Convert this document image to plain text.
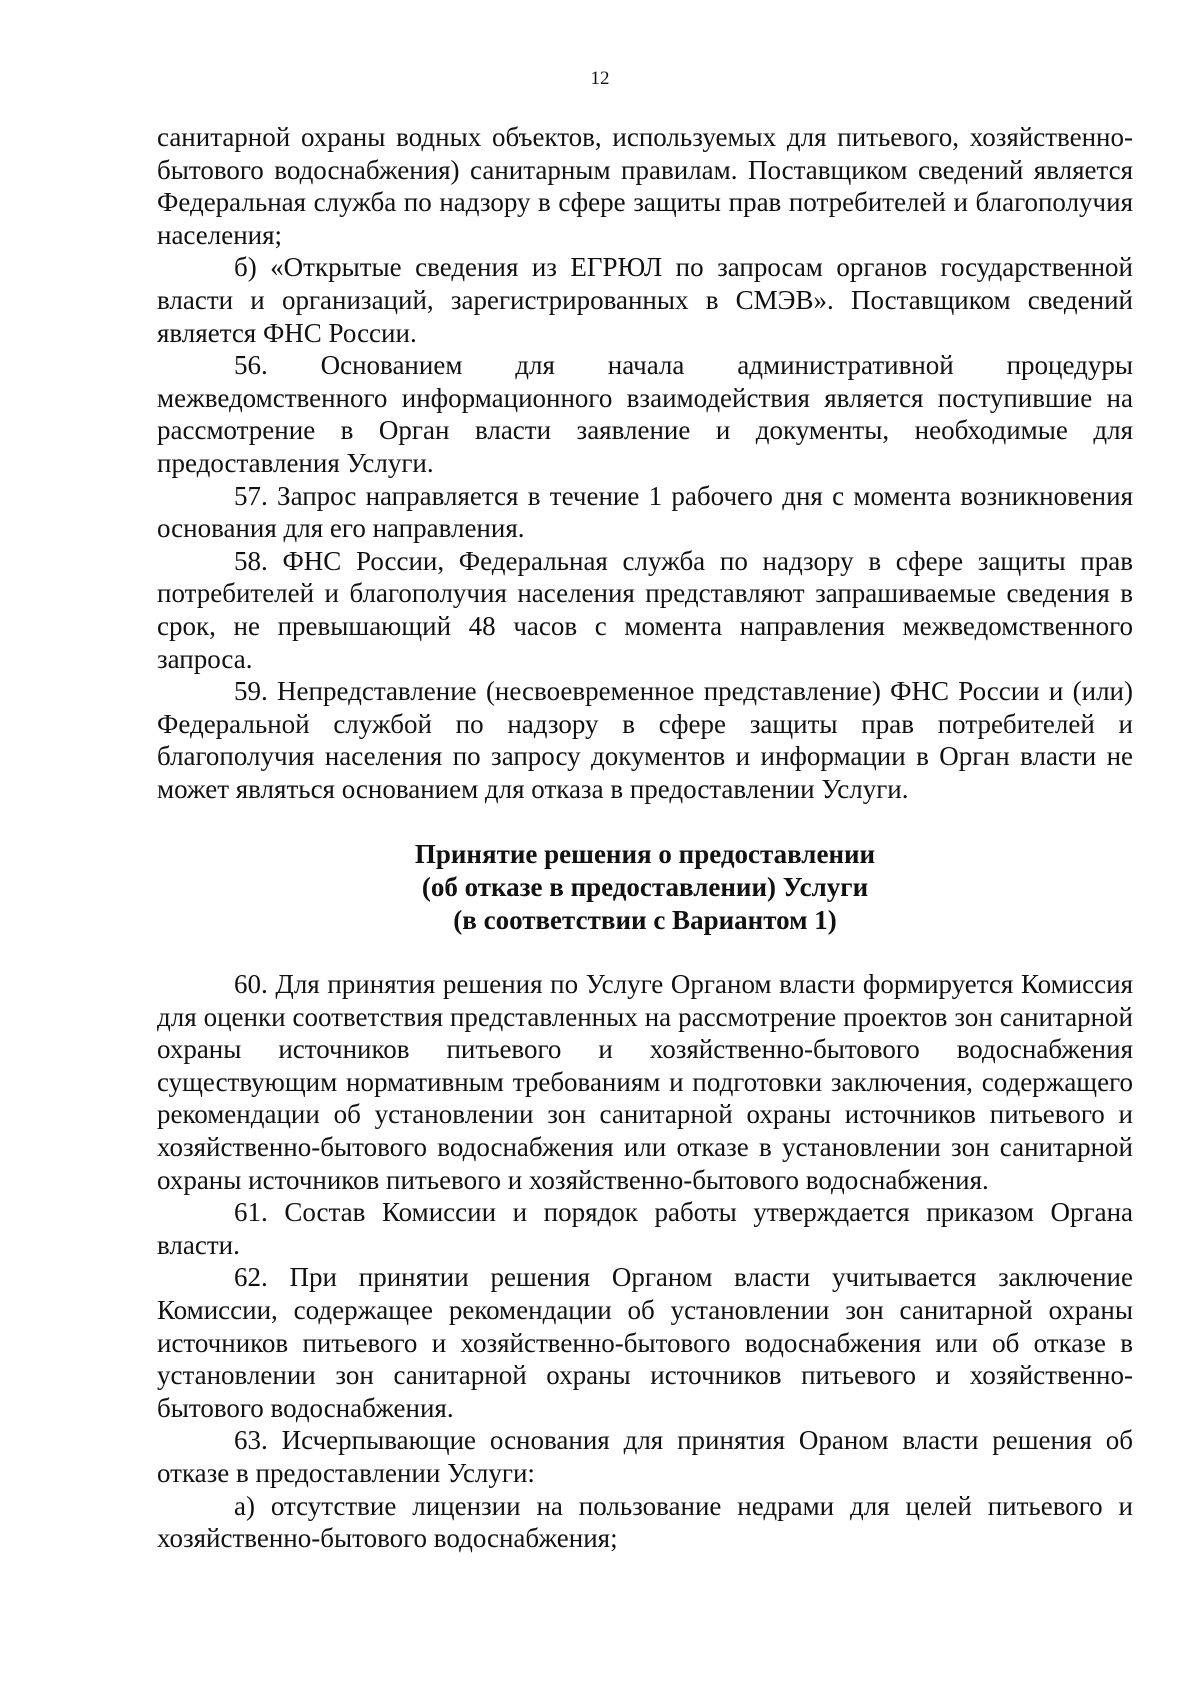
12

санитарной охраны водных объектов, используемых для питьевого, хозяйственно-бытового водоснабжения) санитарным правилам. Поставщиком сведений является Федеральная служба по надзору в сфере защиты прав потребителей и благополучия населения;

б) «Открытые сведения из ЕГРЮЛ по запросам органов государственной власти и организаций, зарегистрированных в СМЭВ». Поставщиком сведений является ФНС России.

56. Основанием для начала административной процедуры межведомственного информационного взаимодействия является поступившие на рассмотрение в Орган власти заявление и документы, необходимые для предоставления Услуги.

57. Запрос направляется в течение 1 рабочего дня с момента возникновения основания для его направления.

58. ФНС России, Федеральная служба по надзору в сфере защиты прав потребителей и благополучия населения представляют запрашиваемые сведения в срок, не превышающий 48 часов с момента направления межведомственного запроса.

59. Непредставление (несвоевременное представление) ФНС России и (или) Федеральной службой по надзору в сфере защиты прав потребителей и благополучия населения по запросу документов и информации в Орган власти не может являться основанием для отказа в предоставлении Услуги.

Принятие решения о предоставлении
(об отказе в предоставлении) Услуги
(в соответствии с Вариантом 1)

60. Для принятия решения по Услуге Органом власти формируется Комиссия для оценки соответствия представленных на рассмотрение проектов зон санитарной охраны источников питьевого и хозяйственно-бытового водоснабжения существующим нормативным требованиям и подготовки заключения, содержащего рекомендации об установлении зон санитарной охраны источников питьевого и хозяйственно-бытового водоснабжения или отказе в установлении зон санитарной охраны источников питьевого и хозяйственно-бытового водоснабжения.

61. Состав Комиссии и порядок работы утверждается приказом Органа власти.

62. При принятии решения Органом власти учитывается заключение Комиссии, содержащее рекомендации об установлении зон санитарной охраны источников питьевого и хозяйственно-бытового водоснабжения или об отказе в установлении зон санитарной охраны источников питьевого и хозяйственно-бытового водоснабжения.

63. Исчерпывающие основания для принятия Ораном власти решения об отказе в предоставлении Услуги:

а) отсутствие лицензии на пользование недрами для целей питьевого и хозяйственно-бытового водоснабжения;
